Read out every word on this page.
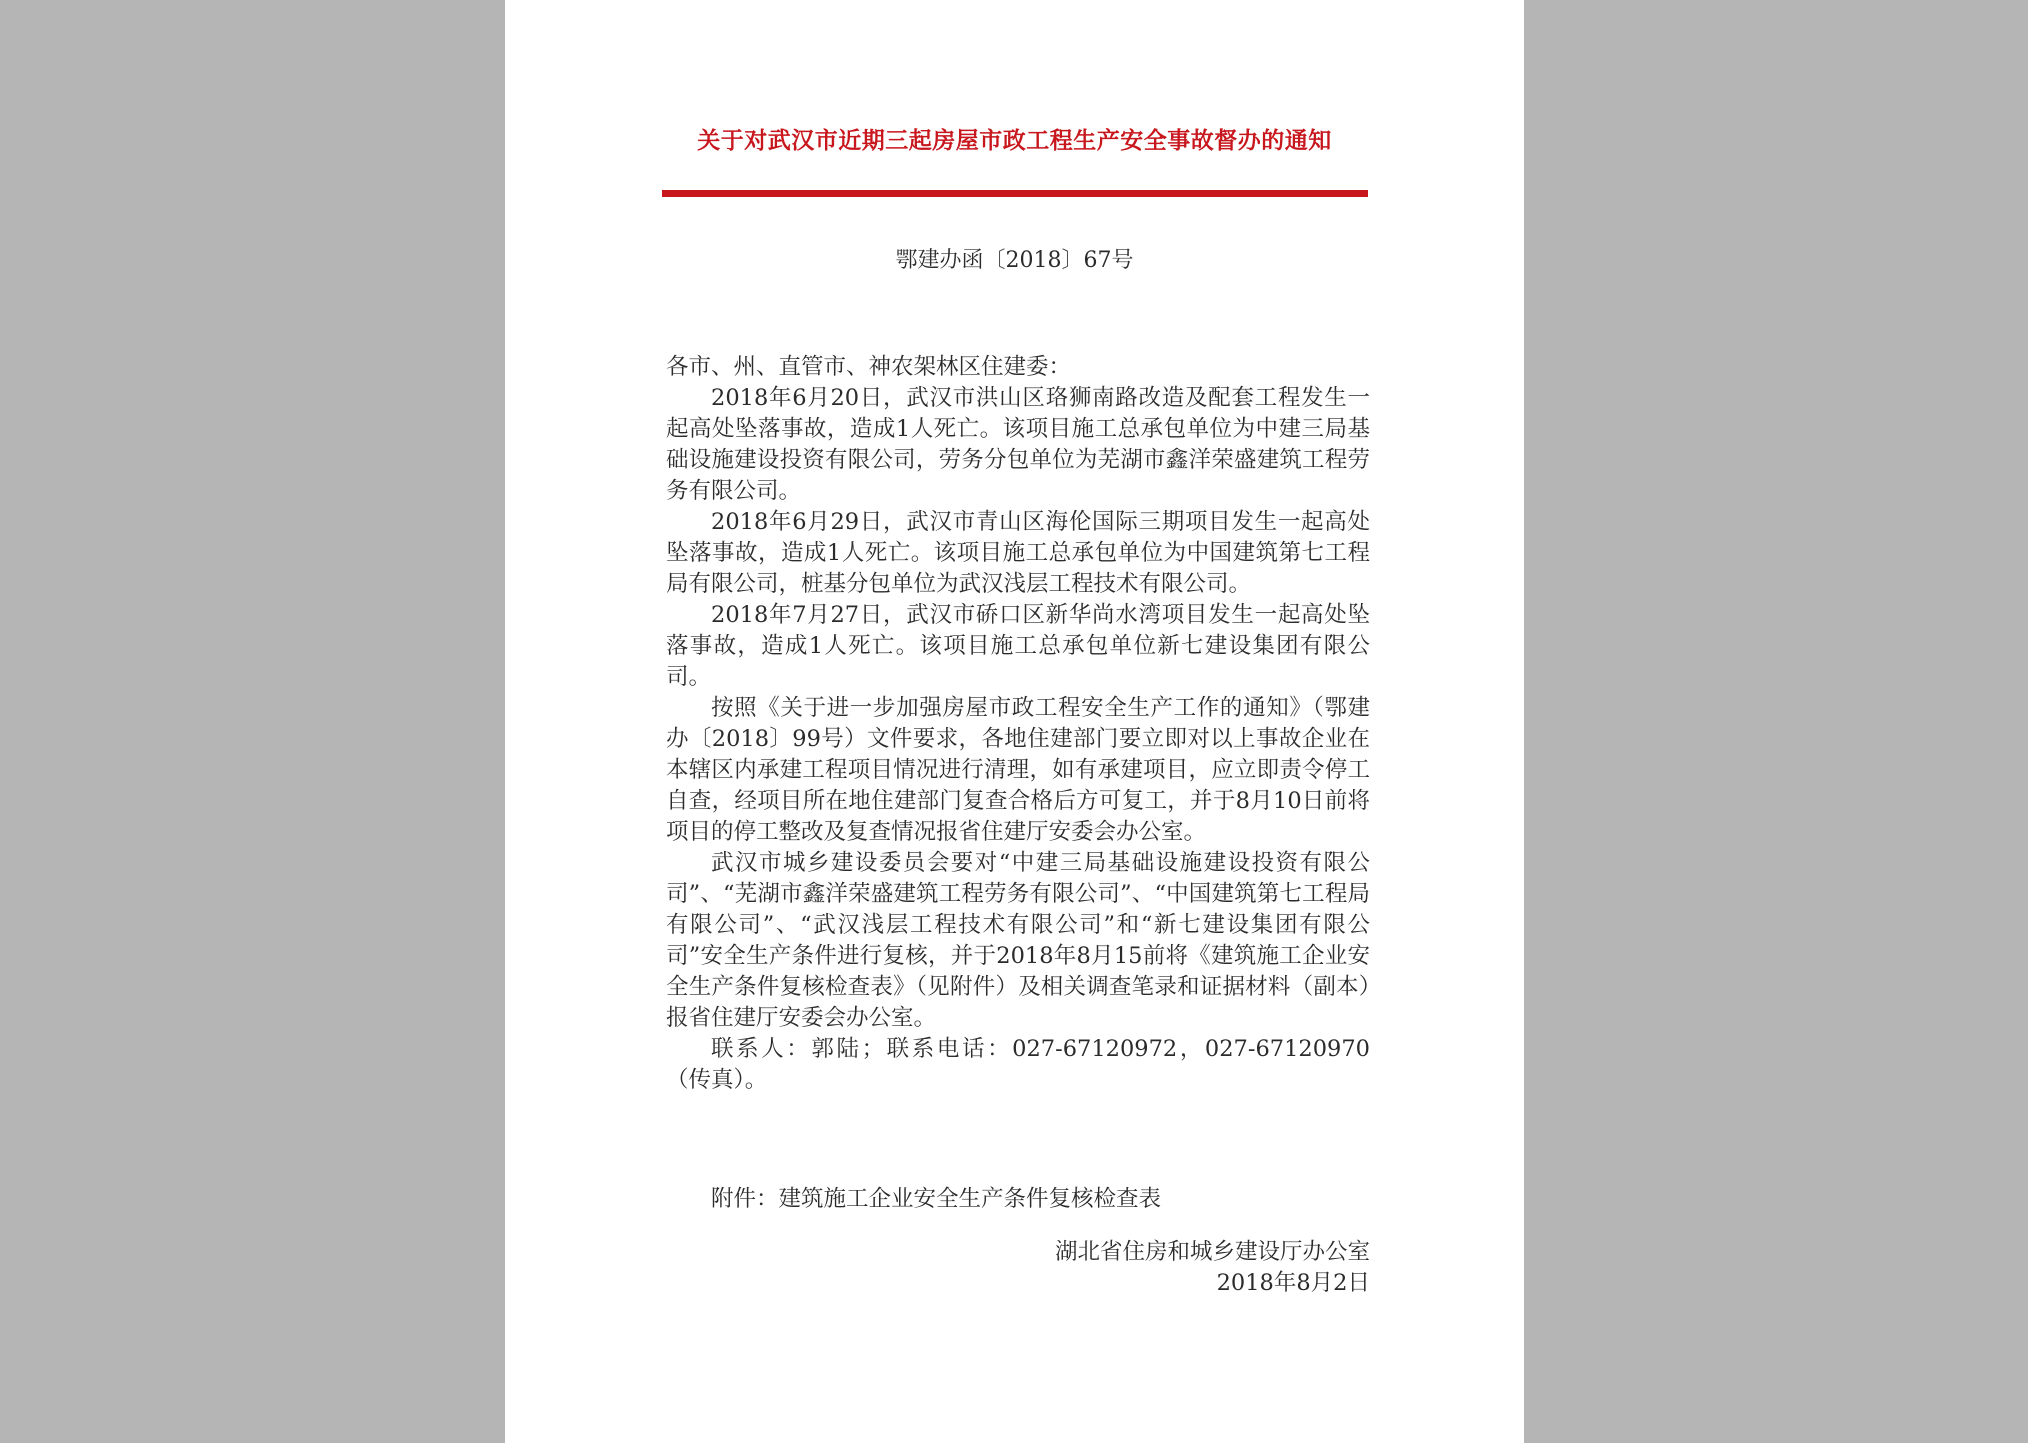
关于对武汉市近期三起房屋市政工程生产安全事故督办的通知
鄂建办函〔2018〕67号

各市、州、直管市、神农架林区住建委：

2018年6月20日，武汉市洪山区珞狮南路改造及配套工程发生一起高处坠落事故，造成1人死亡。该项目施工总承包单位为中建三局基础设施建设投资有限公司，劳务分包单位为芜湖市鑫洋荣盛建筑工程劳务有限公司。

2018年6月29日，武汉市青山区海伦国际三期项目发生一起高处坠落事故，造成1人死亡。该项目施工总承包单位为中国建筑第七工程局有限公司，桩基分包单位为武汉浅层工程技术有限公司。

2018年7月27日，武汉市硚口区新华尚水湾项目发生一起高处坠落事故，造成1人死亡。该项目施工总承包单位新七建设集团有限公司。

按照《关于进一步加强房屋市政工程安全生产工作的通知》（鄂建办〔2018〕99号）文件要求，各地住建部门要立即对以上事故企业在本辖区内承建工程项目情况进行清理，如有承建项目，应立即责令停工自查，经项目所在地住建部门复查合格后方可复工，并于8月10日前将项目的停工整改及复查情况报省住建厅安委会办公室。

武汉市城乡建设委员会要对“中建三局基础设施建设投资有限公司”、“芜湖市鑫洋荣盛建筑工程劳务有限公司”、“中国建筑第七工程局有限公司”、“武汉浅层工程技术有限公司”和“新七建设集团有限公司”安全生产条件进行复核，并于2018年8月15前将《建筑施工企业安全生产条件复核检查表》（见附件）及相关调查笔录和证据材料（副本）报省住建厅安委会办公室。

联系人：郭陆；联系电话：027-67120972，027-67120970（传真）。

附件：建筑施工企业安全生产条件复核检查表
湖北省住房和城乡建设厅办公室
2018年8月2日
